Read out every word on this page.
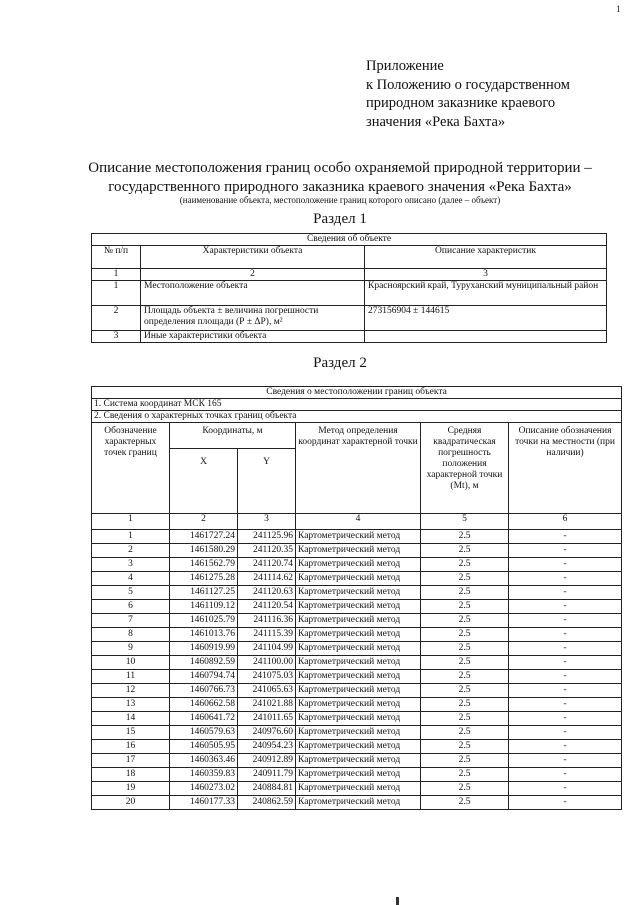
1
Приложение
к Положению о государственном
природном заказнике краевого
значения «Река Бахта»
Описание местоположения границ особо охраняемой природной территории –
государственного природного заказника краевого значения «Река Бахта»
(наименование объекта, местоположение границ которого описано (далее – объект)
Раздел 1
Сведения об объекте		
№ п/п	Характеристики объекта	Описание характеристик
1	2	3
1	Местоположение объекта	Красноярский край, Туруханский муниципальный район
2	Площадь объекта ± величина погрешности определения площади (Р ± ΔР), м²	273156904 ± 144615
3	Иные характеристики объекта	
Раздел 2
Сведения о местоположении границ объекта					
1. Система координат МСК 165					
2. Сведения о характерных точках границ объекта					
Обозначение характерных точек границ	Координаты, м		Метод определения координат характерной точки	Средняя квадратическая погрешность положения характерной точки (Mt), м	Описание обозначения точки на местности (при наличии)
	X	Y			
1	2	3	4	5	6
1	1461727.24	241125.96	Картометрический метод	2.5	-
2	1461580.29	241120.35	Картометрический метод	2.5	-
3	1461562.79	241120.74	Картометрический метод	2.5	-
4	1461275.28	241114.62	Картометрический метод	2.5	-
5	1461127.25	241120.63	Картометрический метод	2.5	-
6	1461109.12	241120.54	Картометрический метод	2.5	-
7	1461025.79	241116.36	Картометрический метод	2.5	-
8	1461013.76	241115.39	Картометрический метод	2.5	-
9	1460919.99	241104.99	Картометрический метод	2.5	-
10	1460892.59	241100.00	Картометрический метод	2.5	-
11	1460794.74	241075.03	Картометрический метод	2.5	-
12	1460766.73	241065.63	Картометрический метод	2.5	-
13	1460662.58	241021.88	Картометрический метод	2.5	-
14	1460641.72	241011.65	Картометрический метод	2.5	-
15	1460579.63	240976.60	Картометрический метод	2.5	-
16	1460505.95	240954.23	Картометрический метод	2.5	-
17	1460363.46	240912.89	Картометрический метод	2.5	-
18	1460359.83	240911.79	Картометрический метод	2.5	-
19	1460273.02	240884.81	Картометрический метод	2.5	-
20	1460177.33	240862.59	Картометрический метод	2.5	-
